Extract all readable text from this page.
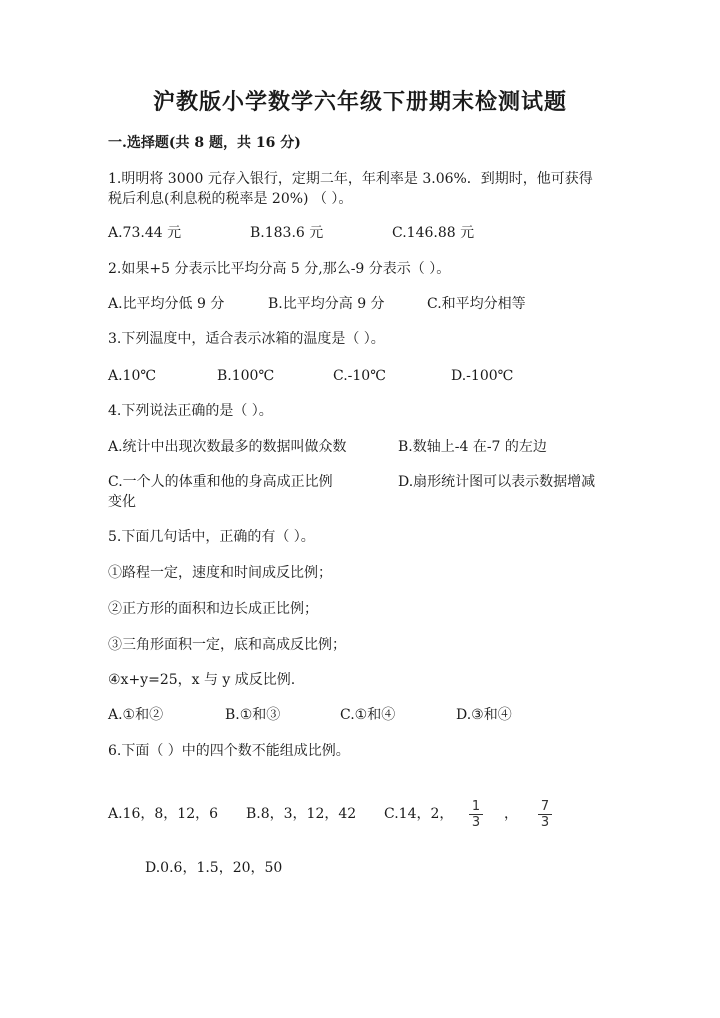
沪教版小学数学六年级下册期末检测试题
一.选择题(共 8 题，共 16 分)
1.明明将 3000 元存入银行，定期二年，年利率是 3.06%．到期时，他可获得
税后利息(利息税的税率是 20%) （ ）。
A.73.44 元	B.183.6 元	C.146.88 元
2.如果+5 分表示比平均分高 5 分,那么-9 分表示（ ）。
A.比平均分低 9 分	B.比平均分高 9 分	C.和平均分相等
3.下列温度中，适合表示冰箱的温度是（ ）。
A.10℃	B.100℃	C.-10℃	D.-100℃
4.下列说法正确的是（ ）。
A.统计中出现次数最多的数据叫做众数	B.数轴上-4 在-7 的左边
C.一个人的体重和他的身高成正比例	D.扇形统计图可以表示数据增减
变化
5.下面几句话中，正确的有（ ）。
①路程一定，速度和时间成反比例；
②正方形的面积和边长成正比例；
③三角形面积一定，底和高成反比例；
④x+y=25，x 与 y 成反比例.
A.①和②	B.①和③	C.①和④	D.③和④
6.下面（ ）中的四个数不能组成比例。
A.16，8，12，6 B.8，3，12，42 C.14，2， 1
3
， 7
3
D.0.6，1.5，20，50
